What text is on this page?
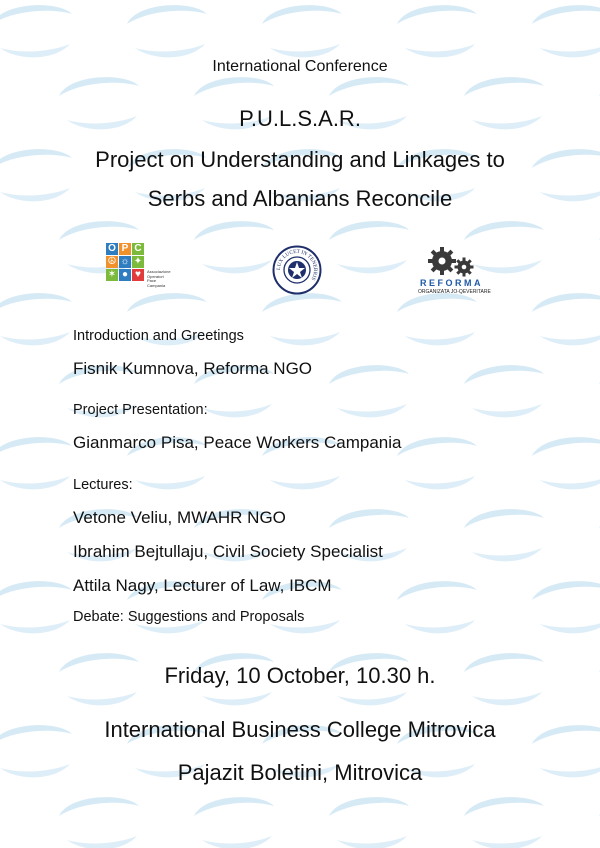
International Conference
P.U.L.S.A.R.
Project on Understanding and Linkages to
Serbs and Albanians Reconcile
O P C
☮ ☼ ✦
✶ ● ♥	Associazione
Operatori
Pace
Campania
LUX LUCET IN TENEBRIS	REFORMA
ORGANIZATA JO-QEVERITARE
Introduction and Greetings
Fisnik Kumnova, Reforma NGO
Project Presentation:
Gianmarco Pisa, Peace Workers Campania
Lectures:
Vetone Veliu, MWAHR NGO
Ibrahim Bejtullaju, Civil Society Specialist
Attila Nagy, Lecturer of Law, IBCM
Debate: Suggestions and Proposals
Friday, 10 October, 10.30 h.
International Business College Mitrovica
Pajazit Boletini, Mitrovica
